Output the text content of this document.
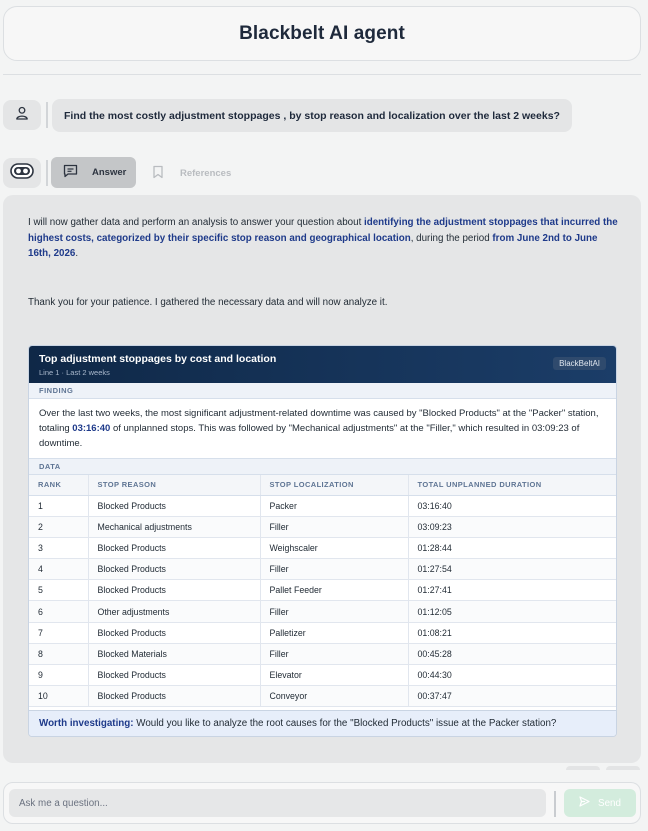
Blackbelt AI agent
Find the most costly adjustment stoppages , by stop reason and localization over the last 2 weeks?
Answer	References
I will now gather data and perform an analysis to answer your question about identifying the adjustment stoppages that incurred the highest costs, categorized by their specific stop reason and geographical location, during the period from June 2nd to June 16th, 2026.
Thank you for your patience. I gathered the necessary data and will now analyze it.
Top adjustment stoppages by cost and location
Line 1 · Last 2 weeks
BlackBeltAI
FINDING
Over the last two weeks, the most significant adjustment-related downtime was caused by "Blocked Products" at the "Packer" station, totaling 03:16:40 of unplanned stops. This was followed by "Mechanical adjustments" at the "Filler," which resulted in 03:09:23 of downtime.
DATA
RANK	STOP REASON	STOP LOCALIZATION	TOTAL UNPLANNED DURATION
1	Blocked Products	Packer	03:16:40
2	Mechanical adjustments	Filler	03:09:23
3	Blocked Products	Weighscaler	01:28:44
4	Blocked Products	Filler	01:27:54
5	Blocked Products	Pallet Feeder	01:27:41
6	Other adjustments	Filler	01:12:05
7	Blocked Products	Palletizer	01:08:21
8	Blocked Materials	Filler	00:45:28
9	Blocked Products	Elevator	00:44:30
10	Blocked Products	Conveyor	00:37:47
Worth investigating: Would you like to analyze the root causes for the "Blocked Products" issue at the Packer station?
Ask me a question...
Send
